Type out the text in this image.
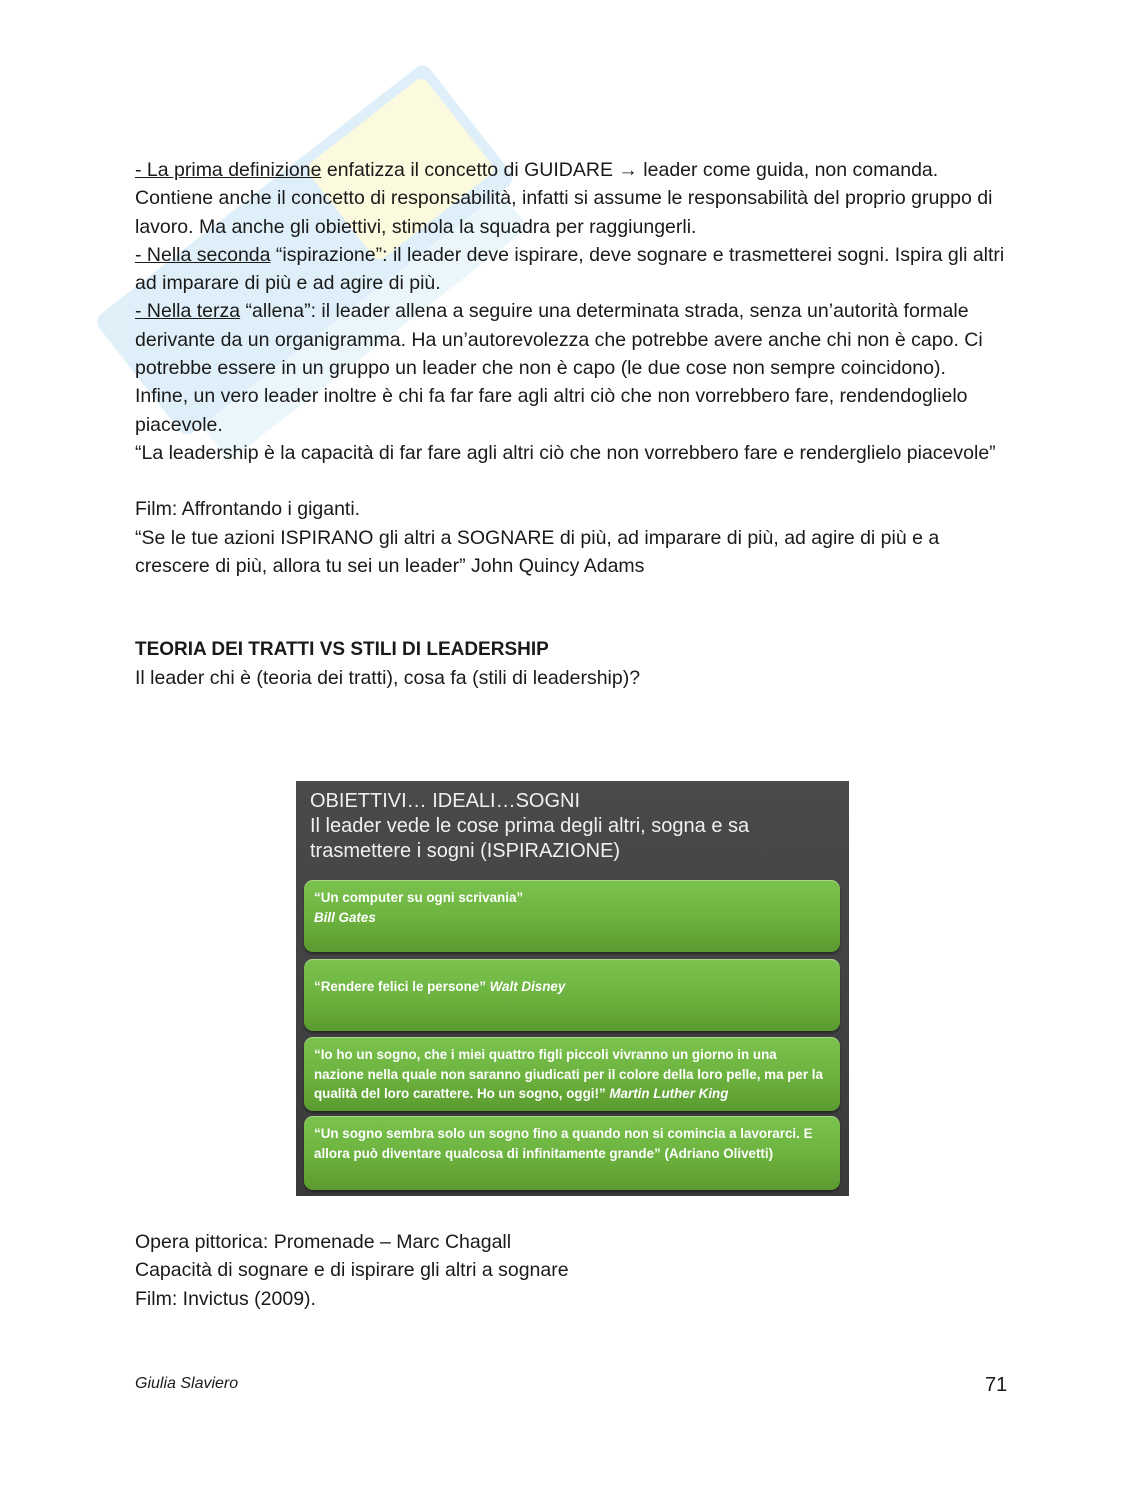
- La prima definizione enfatizza il concetto di GUIDARE → leader come guida, non comanda.

Contiene anche il concetto di responsabilità, infatti si assume le responsabilità del proprio gruppo di lavoro. Ma anche gli obiettivi, stimola la squadra per raggiungerli.

- Nella seconda “ispirazione”: il leader deve ispirare, deve sognare e trasmetterei sogni. Ispira gli altri ad imparare di più e ad agire di più.

- Nella terza “allena”: il leader allena a seguire una determinata strada, senza un’autorità formale derivante da un organigramma. Ha un’autorevolezza che potrebbe avere anche chi non è capo. Ci potrebbe essere in un gruppo un leader che non è capo (le due cose non sempre coincidono).

Infine, un vero leader inoltre è chi fa far fare agli altri ciò che non vorrebbero fare, rendendoglielo piacevole.

“La leadership è la capacità di far fare agli altri ciò che non vorrebbero fare e renderglielo piacevole”

Film: Affrontando i giganti.

“Se le tue azioni ISPIRANO gli altri a SOGNARE di più, ad imparare di più, ad agire di più e a crescere di più, allora tu sei un leader” John Quincy Adams

TEORIA DEI TRATTI VS STILI DI LEADERSHIP

Il leader chi è (teoria dei tratti), cosa fa (stili di leadership)?

OBIETTIVI… IDEALI…SOGNI
Il leader vede le cose prima degli altri, sogna e sa
trasmettere i sogni (ISPIRAZIONE)
“Un computer su ogni scrivania”
Bill Gates
“Rendere felici le persone” Walt Disney
“Io ho un sogno, che i miei quattro figli piccoli vivranno un giorno in una nazione nella quale non saranno giudicati per il colore della loro pelle, ma per la qualità del loro carattere. Ho un sogno, oggi!” Martin Luther King
“Un sogno sembra solo un sogno fino a quando non si comincia a lavorarci. E allora può diventare qualcosa di infinitamente grande” (Adriano Olivetti)

Opera pittorica: Promenade – Marc Chagall

Capacità di sognare e di ispirare gli altri a sognare

Film: Invictus (2009).

Giulia Slaviero	71
